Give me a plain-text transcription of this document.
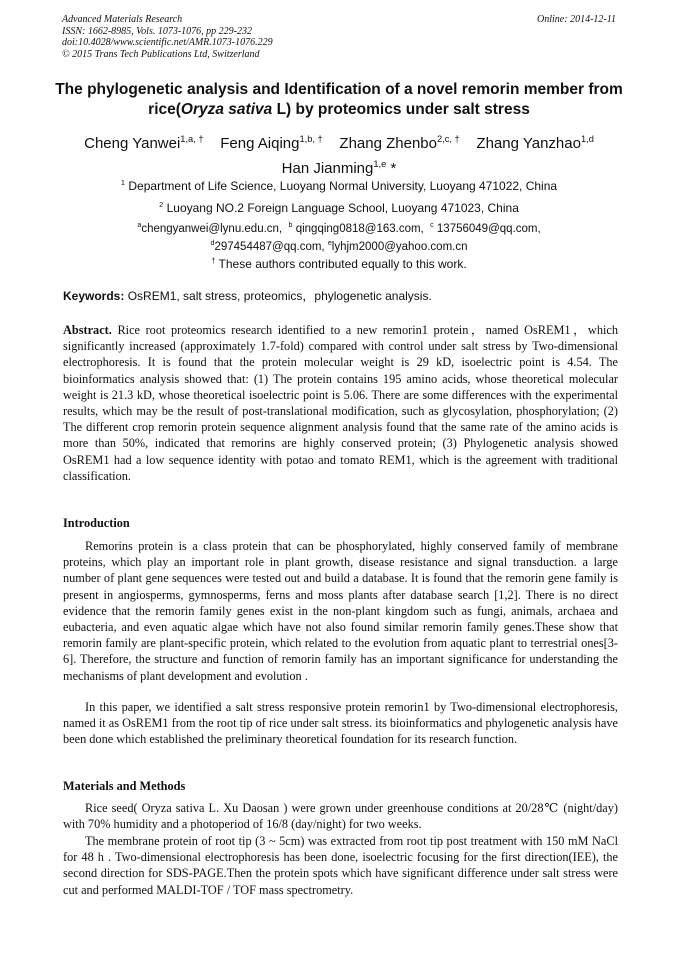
Advanced Materials Research
ISSN: 1662-8985, Vols. 1073-1076, pp 229-232
doi:10.4028/www.scientific.net/AMR.1073-1076.229
© 2015 Trans Tech Publications Ltd, Switzerland
Online: 2014-12-11
The phylogenetic analysis and Identification of a novel remorin member from rice(Oryza sativa L) by proteomics under salt stress
Cheng Yanwei$^{1,a, \dagger}$ Feng Aiqing$^{1,b, \dagger}$ Zhang Zhenbo$^{2,c, \dagger}$ Zhang Yanzhao$^{1,d}$
Han Jianming$^{1,e}$ *
$^1$ Department of Life Science, Luoyang Normal University, Luoyang 471022, China
$^2$ Luoyang NO.2 Foreign Language School, Luoyang 471023, China
$^a$chengyanwei@lynu.edu.cn, $^b$ qingqing0818@163.com, $^c$ 13756049@qq.com,
$^d$297454487@qq.com, $^e$lyhjm2000@yahoo.com.cn
† These authors contributed equally to this work.
Keywords: OsREM1, salt stress, proteomics，phylogenetic analysis.
Abstract. Rice root proteomics research identified to a new remorin1 protein，named OsREM1，which significantly increased (approximately 1.7-fold) compared with control under salt stress by Two-dimensional electrophoresis. It is found that the protein molecular weight is 29 kD, isoelectric point is 4.54. The bioinformatics analysis showed that: (1) The protein contains 195 amino acids, whose theoretical molecular weight is 21.3 kD, whose theoretical isoelectric point is 5.06. There are some differences with the experimental results, which may be the result of post-translational modification, such as glycosylation, phosphorylation; (2) The different crop remorin protein sequence alignment analysis found that the same rate of the amino acids is more than 50%, indicated that remorins are highly conserved protein; (3) Phylogenetic analysis showed OsREM1 had a low sequence identity with potao and tomato REM1, which is the agreement with traditional classification.
Introduction
Remorins protein is a class protein that can be phosphorylated, highly conserved family of membrane proteins, which play an important role in plant growth, disease resistance and signal transduction. a large number of plant gene sequences were tested out and build a database. It is found that the remorin gene family is present in angiosperms, gymnosperms, ferns and moss plants after database search [1,2]. There is no direct evidence that the remorin family genes exist in the non-plant kingdom such as fungi, animals, archaea and eubacteria, and even aquatic algae which have not also found similar remorin family genes.These show that remorin family are plant-specific protein, which related to the evolution from aquatic plant to terrestrial ones[3-6]. Therefore, the structure and function of remorin family has an important significance for understanding the mechanisms of plant development and evolution .
In this paper, we identified a salt stress responsive protein remorin1 by Two-dimensional electrophoresis, named it as OsREM1 from the root tip of rice under salt stress. its bioinformatics and phylogenetic analysis have been done which established the preliminary theoretical foundation for its research function.
Materials and Methods
Rice seed( Oryza sativa L. Xu Daosan ) were grown under greenhouse conditions at 20/28℃ (night/day) with 70% humidity and a photoperiod of 16/8 (day/night) for two weeks.
The membrane protein of root tip (3 ~ 5cm) was extracted from root tip post treatment with 150 mM NaCl for 48 h . Two-dimensional electrophoresis has been done, isoelectric focusing for the first direction(IEE), the second direction for SDS-PAGE.Then the protein spots which have significant difference under salt stress were cut and performed MALDI-TOF / TOF mass spectrometry.
